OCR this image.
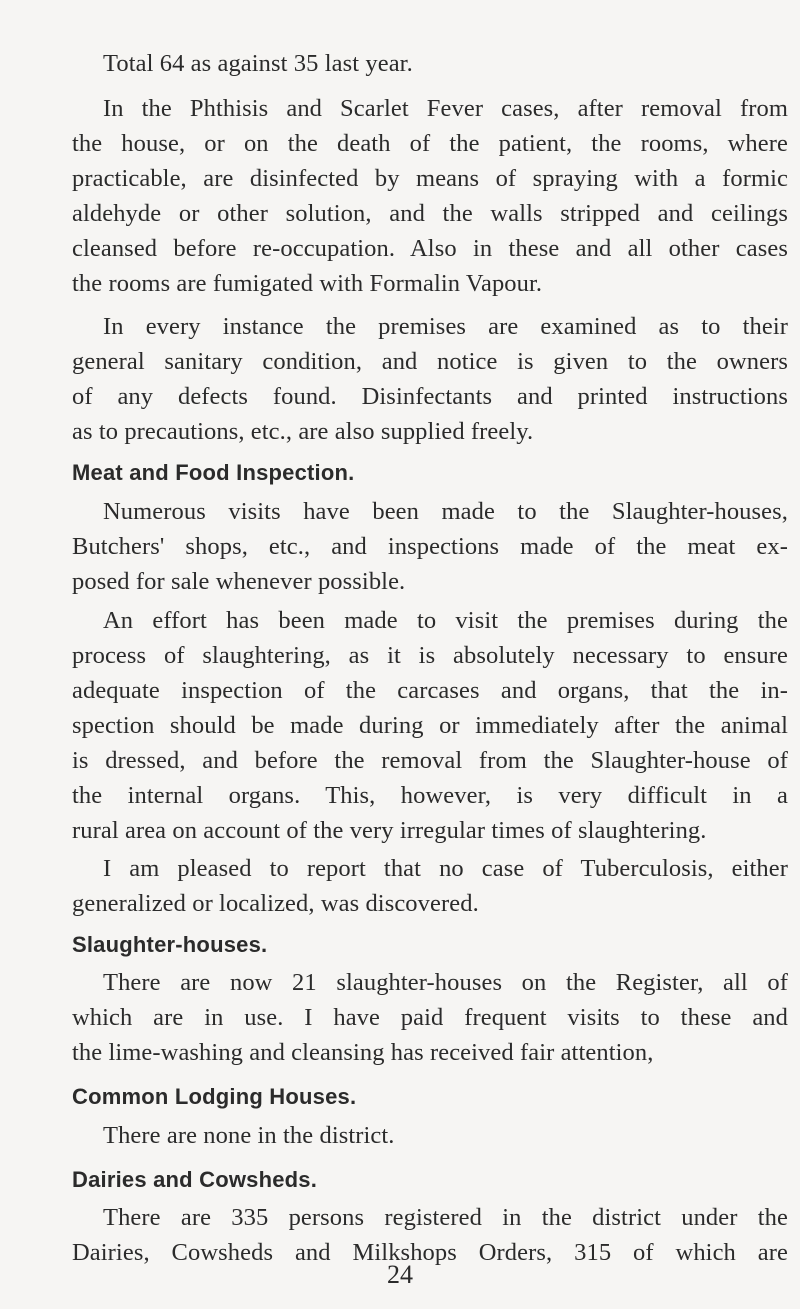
Total 64 as against 35 last year.
In the Phthisis and Scarlet Fever cases, after removal from
the house, or on the death of the patient, the rooms, where
practicable, are disinfected by means of spraying with a formic
aldehyde or other solution, and the walls stripped and ceilings
cleansed before re-occupation. Also in these and all other cases
the rooms are fumigated with Formalin Vapour.
In every instance the premises are examined as to their
general sanitary condition, and notice is given to the owners
of any defects found. Disinfectants and printed instructions
as to precautions, etc., are also supplied freely.
Meat and Food Inspection.
Numerous visits have been made to the Slaughter-houses,
Butchers' shops, etc., and inspections made of the meat ex-
posed for sale whenever possible.
An effort has been made to visit the premises during the
process of slaughtering, as it is absolutely necessary to ensure
adequate inspection of the carcases and organs, that the in-
spection should be made during or immediately after the animal
is dressed, and before the removal from the Slaughter-house of
the internal organs. This, however, is very difficult in a
rural area on account of the very irregular times of slaughtering.
I am pleased to report that no case of Tuberculosis, either
generalized or localized, was discovered.
Slaughter-houses.
There are now 21 slaughter-houses on the Register, all of
which are in use. I have paid frequent visits to these and
the lime-washing and cleansing has received fair attention,
Common Lodging Houses.
There are none in the district.
Dairies and Cowsheds.
There are 335 persons registered in the district under the
Dairies, Cowsheds and Milkshops Orders, 315 of which are
24
